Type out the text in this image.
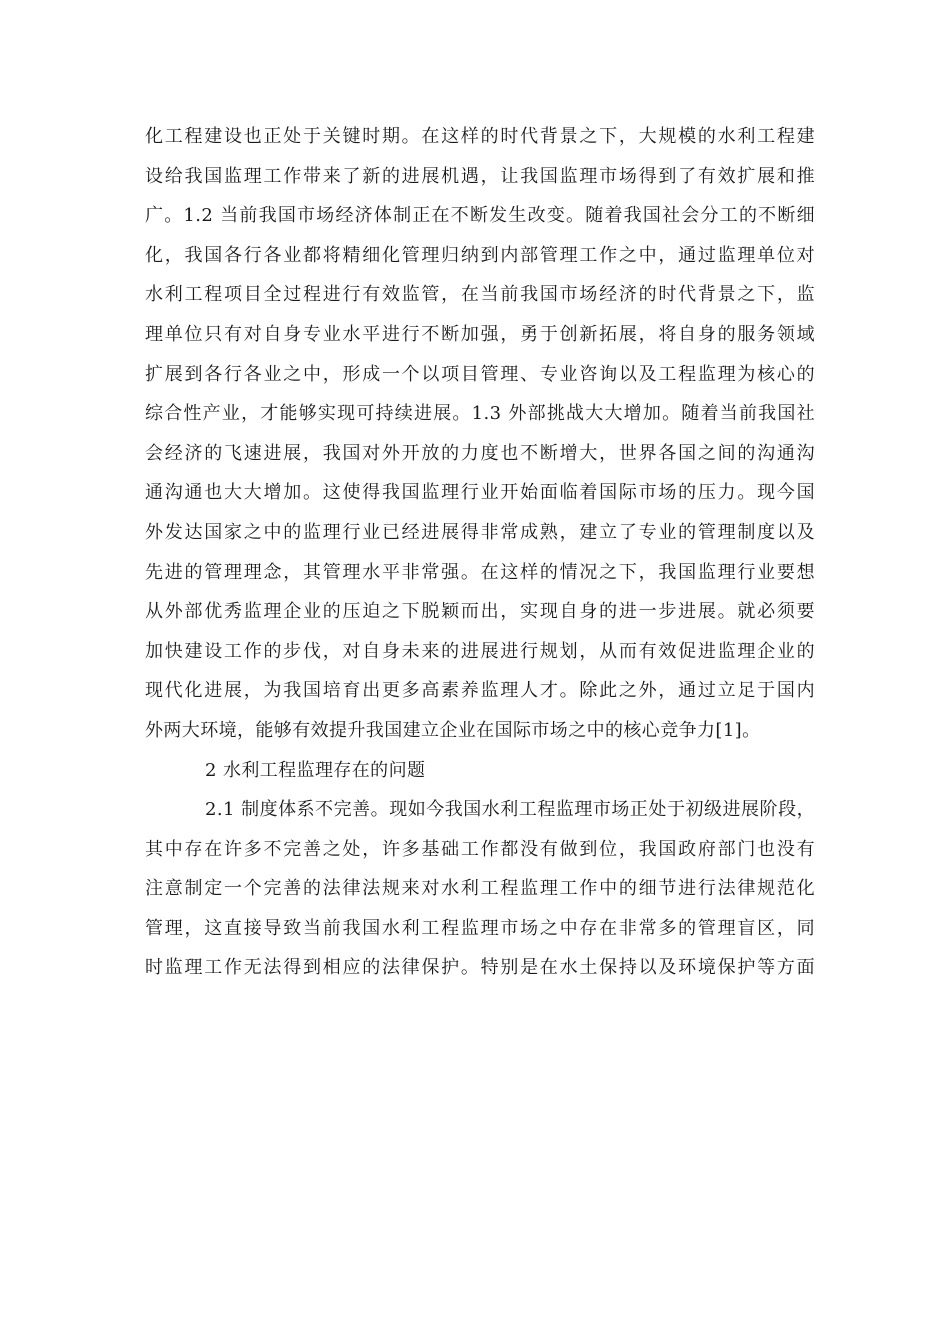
化工程建设也正处于关键时期。在这样的时代背景之下，大规模的水利工程建
设给我国监理工作带来了新的进展机遇，让我国监理市场得到了有效扩展和推
广。1.2 当前我国市场经济体制正在不断发生改变。随着我国社会分工的不断细
化，我国各行各业都将精细化管理归纳到内部管理工作之中，通过监理单位对
水利工程项目全过程进行有效监管，在当前我国市场经济的时代背景之下，监
理单位只有对自身专业水平进行不断加强，勇于创新拓展，将自身的服务领域
扩展到各行各业之中，形成一个以项目管理、专业咨询以及工程监理为核心的
综合性产业，才能够实现可持续进展。1.3 外部挑战大大增加。随着当前我国社
会经济的飞速进展，我国对外开放的力度也不断增大，世界各国之间的沟通沟
通沟通也大大增加。这使得我国监理行业开始面临着国际市场的压力。现今国
外发达国家之中的监理行业已经进展得非常成熟，建立了专业的管理制度以及
先进的管理理念，其管理水平非常强。在这样的情况之下，我国监理行业要想
从外部优秀监理企业的压迫之下脱颖而出，实现自身的进一步进展。就必须要
加快建设工作的步伐，对自身未来的进展进行规划，从而有效促进监理企业的
现代化进展，为我国培育出更多高素养监理人才。除此之外，通过立足于国内
外两大环境，能够有效提升我国建立企业在国际市场之中的核心竞争力[1]。
2 水利工程监理存在的问题
2.1 制度体系不完善。现如今我国水利工程监理市场正处于初级进展阶段，
其中存在许多不完善之处，许多基础工作都没有做到位，我国政府部门也没有
注意制定一个完善的法律法规来对水利工程监理工作中的细节进行法律规范化
管理，这直接导致当前我国水利工程监理市场之中存在非常多的管理盲区，同
时监理工作无法得到相应的法律保护。特别是在水土保持以及环境保护等方面
